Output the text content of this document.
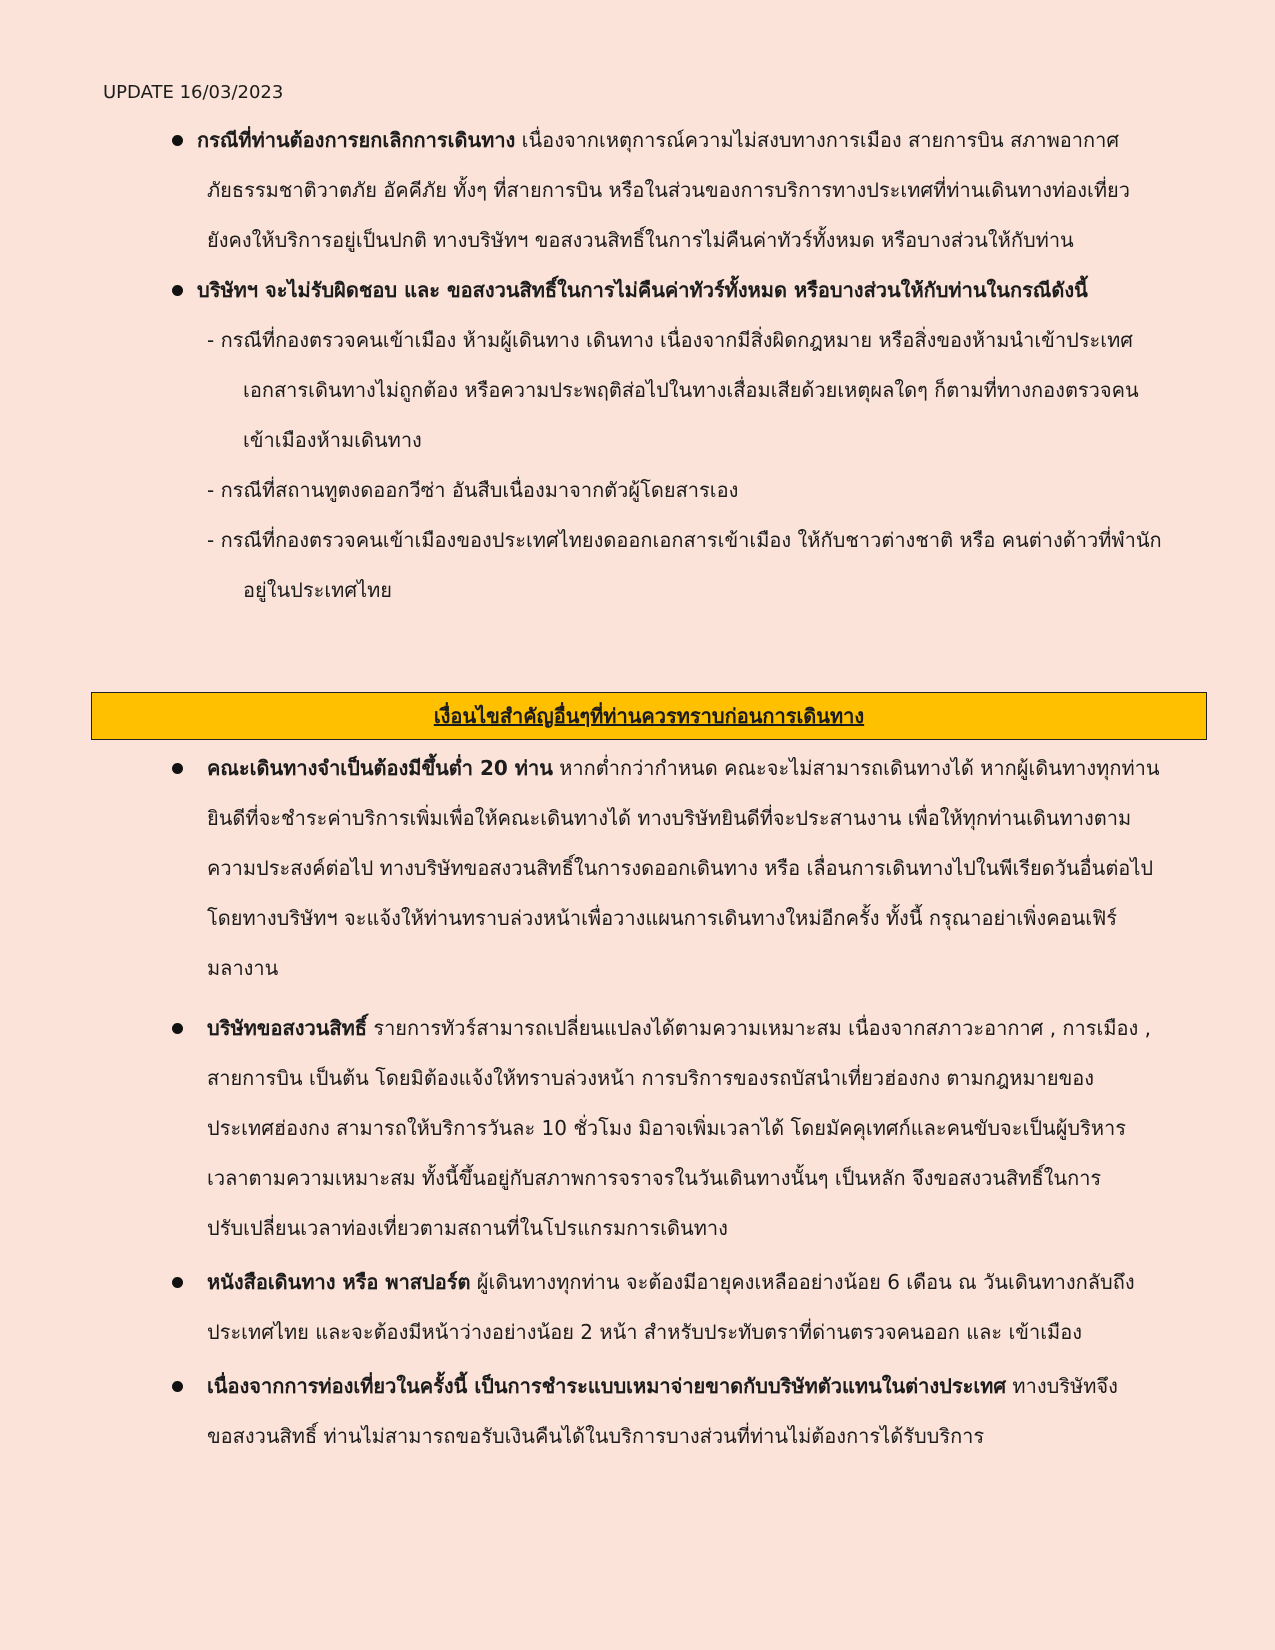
UPDATE 16/03/2023
กรณีที่ท่านต้องการยกเลิกการเดินทาง เนื่องจากเหตุการณ์ความไม่สงบทางการเมือง สายการบิน สภาพอากาศ
ภัยธรรมชาติวาตภัย อัคคีภัย ทั้งๆ ที่สายการบิน หรือในส่วนของการบริการทางประเทศที่ท่านเดินทางท่องเที่ยว
ยังคงให้บริการอยู่เป็นปกติ ทางบริษัทฯ ขอสงวนสิทธิ์ในการไม่คืนค่าทัวร์ทั้งหมด หรือบางส่วนให้กับท่าน
บริษัทฯ จะไม่รับผิดชอบ และ ขอสงวนสิทธิ์ในการไม่คืนค่าทัวร์ทั้งหมด หรือบางส่วนให้กับท่านในกรณีดังนี้
- กรณีที่กองตรวจคนเข้าเมือง ห้ามผู้เดินทาง เดินทาง เนื่องจากมีสิ่งผิดกฎหมาย หรือสิ่งของห้ามนำเข้าประเทศ
เอกสารเดินทางไม่ถูกต้อง หรือความประพฤติส่อไปในทางเสื่อมเสียด้วยเหตุผลใดๆ ก็ตามที่ทางกองตรวจคน
เข้าเมืองห้ามเดินทาง
- กรณีที่สถานทูตงดออกวีซ่า อันสืบเนื่องมาจากตัวผู้โดยสารเอง
- กรณีที่กองตรวจคนเข้าเมืองของประเทศไทยงดออกเอกสารเข้าเมือง ให้กับชาวต่างชาติ หรือ คนต่างด้าวที่พำนัก
อยู่ในประเทศไทย
เงื่อนไขสำคัญอื่นๆที่ท่านควรทราบก่อนการเดินทาง
คณะเดินทางจำเป็นต้องมีขึ้นต่ำ 20 ท่าน หากต่ำกว่ากำหนด คณะจะไม่สามารถเดินทางได้ หากผู้เดินทางทุกท่าน
ยินดีที่จะชำระค่าบริการเพิ่มเพื่อให้คณะเดินทางได้ ทางบริษัทยินดีที่จะประสานงาน เพื่อให้ทุกท่านเดินทางตาม
ความประสงค์ต่อไป ทางบริษัทขอสงวนสิทธิ์ในการงดออกเดินทาง หรือ เลื่อนการเดินทางไปในพีเรียดวันอื่นต่อไป
โดยทางบริษัทฯ จะแจ้งให้ท่านทราบล่วงหน้าเพื่อวางแผนการเดินทางใหม่อีกครั้ง ทั้งนี้ กรุณาอย่าเพิ่งคอนเฟิร์
มลางาน
บริษัทขอสงวนสิทธิ์ รายการทัวร์สามารถเปลี่ยนแปลงได้ตามความเหมาะสม เนื่องจากสภาวะอากาศ , การเมือง ,
สายการบิน เป็นต้น โดยมิต้องแจ้งให้ทราบล่วงหน้า การบริการของรถบัสนำเที่ยวฮ่องกง ตามกฎหมายของ
ประเทศฮ่องกง สามารถให้บริการวันละ 10 ชั่วโมง มิอาจเพิ่มเวลาได้ โดยมัคคุเทศก์และคนขับจะเป็นผู้บริหาร
เวลาตามความเหมาะสม ทั้งนี้ขึ้นอยู่กับสภาพการจราจรในวันเดินทางนั้นๆ เป็นหลัก จึงขอสงวนสิทธิ์ในการ
ปรับเปลี่ยนเวลาท่องเที่ยวตามสถานที่ในโปรแกรมการเดินทาง
หนังสือเดินทาง หรือ พาสปอร์ต ผู้เดินทางทุกท่าน จะต้องมีอายุคงเหลืออย่างน้อย 6 เดือน ณ วันเดินทางกลับถึง
ประเทศไทย และจะต้องมีหน้าว่างอย่างน้อย 2 หน้า สำหรับประทับตราที่ด่านตรวจคนออก และ เข้าเมือง
เนื่องจากการท่องเที่ยวในครั้งนี้ เป็นการชำระแบบเหมาจ่ายขาดกับบริษัทตัวแทนในต่างประเทศ ทางบริษัทจึง
ขอสงวนสิทธิ์ ท่านไม่สามารถขอรับเงินคืนได้ในบริการบางส่วนที่ท่านไม่ต้องการได้รับบริการ
